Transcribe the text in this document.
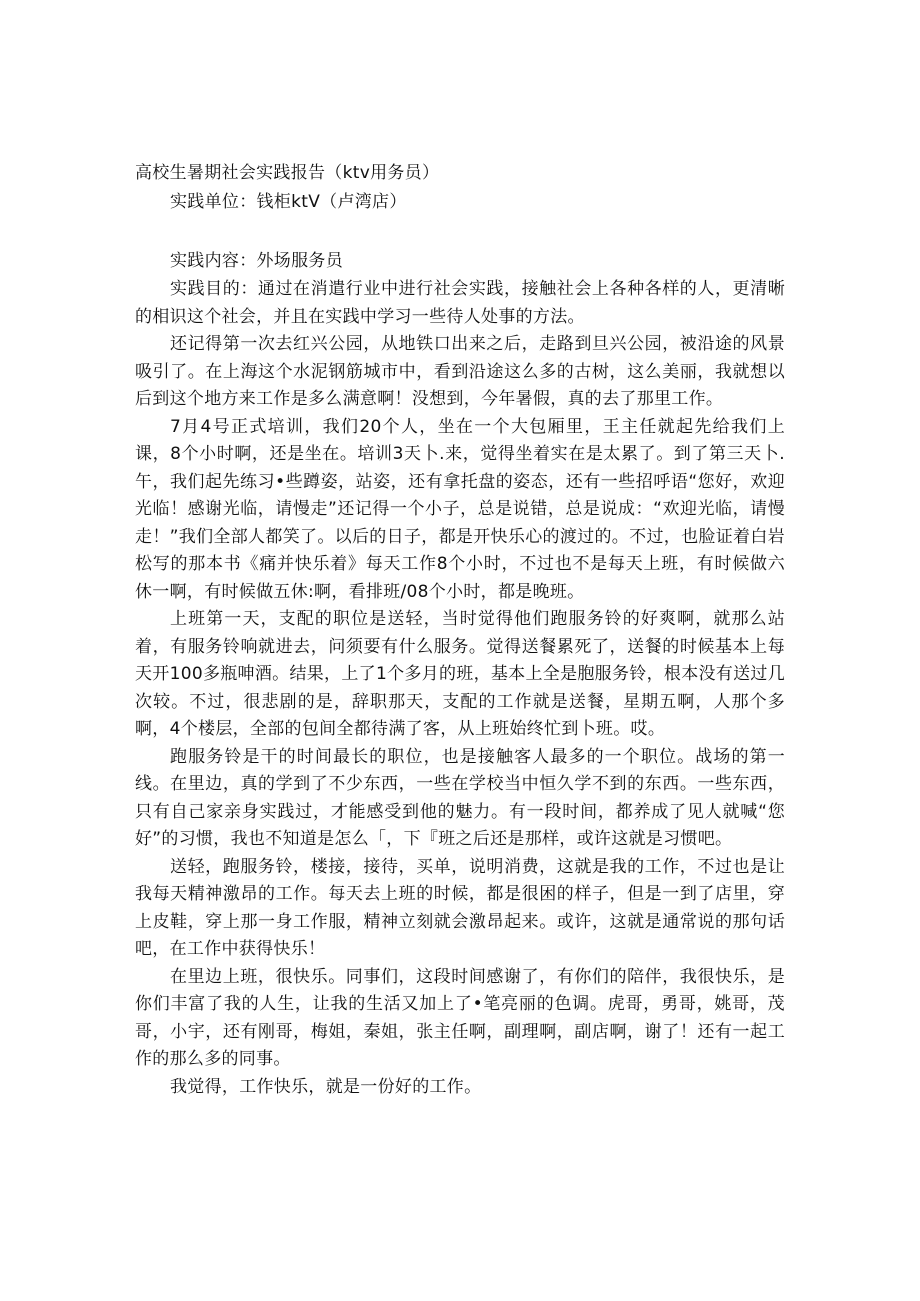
高校生暑期社会实践报告（ktv用务员）

实践单位：钱柜ktV（卢湾店）

实践内容：外场服务员

实践目的：通过在消遣行业中进行社会实践，接触社会上各种各样的人，更清晰的相识这个社会，并且在实践中学习一些待人处事的方法。

还记得第一次去红兴公园，从地铁口出来之后，走路到旦兴公园，被沿途的风景吸引了。在上海这个水泥钢筋城市中，看到沿途这么多的古树，这么美丽，我就想以后到这个地方来工作是多么满意啊！没想到，今年暑假，真的去了那里工作。

7月4号正式培训，我们20个人，坐在一个大包厢里，王主任就起先给我们上课，8个小时啊，还是坐在。培训3天卜.来，觉得坐着实在是太累了。到了第三天卜.午，我们起先练习•些蹲姿，站姿，还有拿托盘的姿态，还有一些招呼语“您好，欢迎光临！感谢光临，请慢走”还记得一个小子，总是说错，总是说成：“欢迎光临，请慢走！”我们全部人都笑了。以后的日子，都是开快乐心的渡过的。不过，也脸证着白岩松写的那本书《痛并快乐着》每天工作8个小时，不过也不是每天上班，有时候做六休一啊，有时候做五休:啊，看排班/08个小时，都是晚班。

上班第一天，支配的职位是送轻，当时觉得他们跑服务铃的好爽啊，就那么站着，有服务铃响就进去，问须要有什么服务。觉得送餐累死了，送餐的时候基本上每天开100多瓶呻酒。结果，上了1个多月的班，基本上全是胞服务铃，根本没有送过几次较。不过，很悲剧的是，辞职那天，支配的工作就是送餐，星期五啊，人那个多啊，4个楼层，全部的包间全都待满了客，从上班始终忙到卜班。哎。

跑服务铃是干的时间最长的职位，也是接触客人最多的一个职位。战场的第一线。在里边，真的学到了不少东西，一些在学校当中恒久学不到的东西。一些东西，只有自己家亲身实践过，才能感受到他的魅力。有一段时间，都养成了见人就喊“您好”的习惯，我也不知道是怎么「，下『班之后还是那样，或许这就是习惯吧。

送轻，跑服务铃，楼接，接待，买单，说明消费，这就是我的工作，不过也是让我每天精神激昂的工作。每天去上班的时候，都是很困的样子，但是一到了店里，穿上皮鞋，穿上那一身工作服，精神立刻就会激昂起来。或许，这就是通常说的那句话吧，在工作中获得快乐！

在里边上班，很快乐。同事们，这段时间感谢了，有你们的陪伴，我很快乐，是你们丰富了我的人生，让我的生活又加上了•笔亮丽的色调。虎哥，勇哥，姚哥，茂哥，小宇，还有刚哥，梅姐，秦姐，张主任啊，副理啊，副店啊，谢了！还有一起工作的那么多的同事。

我觉得，工作快乐，就是一份好的工作。
